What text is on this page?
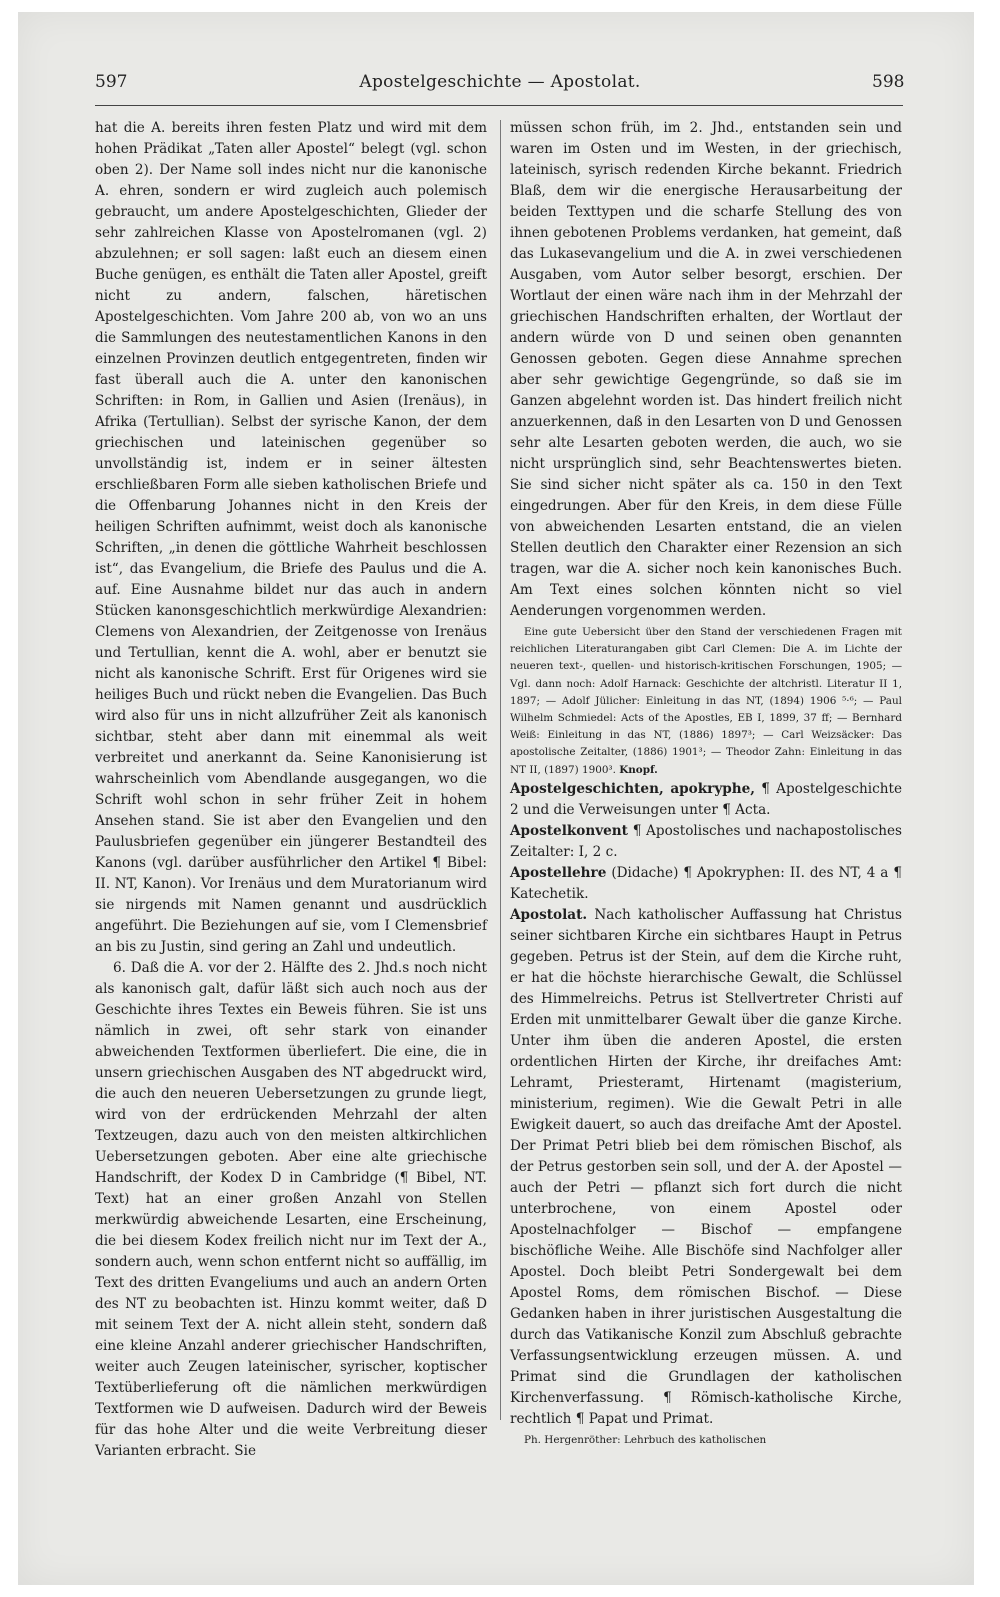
597	Apostelgeschichte — Apostolat.	598

hat die A. bereits ihren festen Platz und wird mit dem hohen Prädikat „Taten aller Apostel“ belegt (vgl. schon oben 2). Der Name soll indes nicht nur die kanonische A. ehren, sondern er wird zugleich auch polemisch gebraucht, um andere Apostelgeschichten, Glieder der sehr zahlreichen Klasse von Apostelromanen (vgl. 2) abzulehnen; er soll sagen: laßt euch an diesem einen Buche genügen, es enthält die Taten aller Apostel, greift nicht zu andern, falschen, häretischen Apostelgeschichten. Vom Jahre 200 ab, von wo an uns die Sammlungen des neutestamentlichen Kanons in den einzelnen Provinzen deutlich entgegentreten, finden wir fast überall auch die A. unter den kanonischen Schriften: in Rom, in Gallien und Asien (Irenäus), in Afrika (Tertullian). Selbst der syrische Kanon, der dem griechischen und lateinischen gegenüber so unvollständig ist, indem er in seiner ältesten erschließbaren Form alle sieben katholischen Briefe und die Offenbarung Johannes nicht in den Kreis der heiligen Schriften aufnimmt, weist doch als kanonische Schriften, „in denen die göttliche Wahrheit beschlossen ist“, das Evangelium, die Briefe des Paulus und die A. auf. Eine Ausnahme bildet nur das auch in andern Stücken kanonsgeschichtlich merkwürdige Alexandrien: Clemens von Alexandrien, der Zeitgenosse von Irenäus und Tertullian, kennt die A. wohl, aber er benutzt sie nicht als kanonische Schrift. Erst für Origenes wird sie heiliges Buch und rückt neben die Evangelien. Das Buch wird also für uns in nicht allzufrüher Zeit als kanonisch sichtbar, steht aber dann mit einemmal als weit verbreitet und anerkannt da. Seine Kanonisierung ist wahrscheinlich vom Abendlande ausgegangen, wo die Schrift wohl schon in sehr früher Zeit in hohem Ansehen stand. Sie ist aber den Evangelien und den Paulusbriefen gegenüber ein jüngerer Bestandteil des Kanons (vgl. darüber ausführlicher den Artikel ¶ Bibel: II. NT, Kanon). Vor Irenäus und dem Muratorianum wird sie nirgends mit Namen genannt und ausdrücklich angeführt. Die Beziehungen auf sie, vom I Clemensbrief an bis zu Justin, sind gering an Zahl und undeutlich.

6. Daß die A. vor der 2. Hälfte des 2. Jhd.s noch nicht als kanonisch galt, dafür läßt sich auch noch aus der Geschichte ihres Textes ein Beweis führen. Sie ist uns nämlich in zwei, oft sehr stark von einander abweichenden Textformen überliefert. Die eine, die in unsern griechischen Ausgaben des NT abgedruckt wird, die auch den neueren Uebersetzungen zu grunde liegt, wird von der erdrückenden Mehrzahl der alten Textzeugen, dazu auch von den meisten altkirchlichen Uebersetzungen geboten. Aber eine alte griechische Handschrift, der Kodex D in Cambridge (¶ Bibel, NT. Text) hat an einer großen Anzahl von Stellen merkwürdig abweichende Lesarten, eine Erscheinung, die bei diesem Kodex freilich nicht nur im Text der A., sondern auch, wenn schon entfernt nicht so auffällig, im Text des dritten Evangeliums und auch an andern Orten des NT zu beobachten ist. Hinzu kommt weiter, daß D mit seinem Text der A. nicht allein steht, sondern daß eine kleine Anzahl anderer griechischer Handschriften, weiter auch Zeugen lateinischer, syrischer, koptischer Textüberlieferung oft die nämlichen merkwürdigen Textformen wie D aufweisen. Dadurch wird der Beweis für das hohe Alter und die weite Verbreitung dieser Varianten erbracht. Sie

müssen schon früh, im 2. Jhd., entstanden sein und waren im Osten und im Westen, in der griechisch, lateinisch, syrisch redenden Kirche bekannt. Friedrich Blaß, dem wir die energische Herausarbeitung der beiden Texttypen und die scharfe Stellung des von ihnen gebotenen Problems verdanken, hat gemeint, daß das Lukasevangelium und die A. in zwei verschiedenen Ausgaben, vom Autor selber besorgt, erschien. Der Wortlaut der einen wäre nach ihm in der Mehrzahl der griechischen Handschriften erhalten, der Wortlaut der andern würde von D und seinen oben genannten Genossen geboten. Gegen diese Annahme sprechen aber sehr gewichtige Gegengründe, so daß sie im Ganzen abgelehnt worden ist. Das hindert freilich nicht anzuerkennen, daß in den Lesarten von D und Genossen sehr alte Lesarten geboten werden, die auch, wo sie nicht ursprünglich sind, sehr Beachtenswertes bieten. Sie sind sicher nicht später als ca. 150 in den Text eingedrungen. Aber für den Kreis, in dem diese Fülle von abweichenden Lesarten entstand, die an vielen Stellen deutlich den Charakter einer Rezension an sich tragen, war die A. sicher noch kein kanonisches Buch. Am Text eines solchen könnten nicht so viel Aenderungen vorgenommen werden.

Eine gute Uebersicht über den Stand der verschiedenen Fragen mit reichlichen Literaturangaben gibt Carl Clemen: Die A. im Lichte der neueren text-, quellen- und historisch-kritischen Forschungen, 1905; — Vgl. dann noch: Adolf Harnack: Geschichte der altchristl. Literatur II 1, 1897; — Adolf Jülicher: Einleitung in das NT, (1894) 1906 ⁵·⁶; — Paul Wilhelm Schmiedel: Acts of the Apostles, EB I, 1899, 37 ff; — Bernhard Weiß: Einleitung in das NT, (1886) 1897³; — Carl Weizsäcker: Das apostolische Zeitalter, (1886) 1901³; — Theodor Zahn: Einleitung in das NT II, (1897) 1900³. Knopf.

Apostelgeschichten, apokryphe, ¶ Apostelgeschichte 2 und die Verweisungen unter ¶ Acta.

Apostelkonvent ¶ Apostolisches und nachapostolisches Zeitalter: I, 2 c.

Apostellehre (Didache) ¶ Apokryphen: II. des NT, 4 a ¶ Katechetik.

Apostolat. Nach katholischer Auffassung hat Christus seiner sichtbaren Kirche ein sichtbares Haupt in Petrus gegeben. Petrus ist der Stein, auf dem die Kirche ruht, er hat die höchste hierarchische Gewalt, die Schlüssel des Himmelreichs. Petrus ist Stellvertreter Christi auf Erden mit unmittelbarer Gewalt über die ganze Kirche. Unter ihm üben die anderen Apostel, die ersten ordentlichen Hirten der Kirche, ihr dreifaches Amt: Lehramt, Priesteramt, Hirtenamt (magisterium, ministerium, regimen). Wie die Gewalt Petri in alle Ewigkeit dauert, so auch das dreifache Amt der Apostel. Der Primat Petri blieb bei dem römischen Bischof, als der Petrus gestorben sein soll, und der A. der Apostel — auch der Petri — pflanzt sich fort durch die nicht unterbrochene, von einem Apostel oder Apostelnachfolger — Bischof — empfangene bischöfliche Weihe. Alle Bischöfe sind Nachfolger aller Apostel. Doch bleibt Petri Sondergewalt bei dem Apostel Roms, dem römischen Bischof. — Diese Gedanken haben in ihrer juristischen Ausgestaltung die durch das Vatikanische Konzil zum Abschluß gebrachte Verfassungsentwicklung erzeugen müssen. A. und Primat sind die Grundlagen der katholischen Kirchenverfassung. ¶ Römisch-katholische Kirche, rechtlich ¶ Papat und Primat.

Ph. Hergenröther: Lehrbuch des katholischen
